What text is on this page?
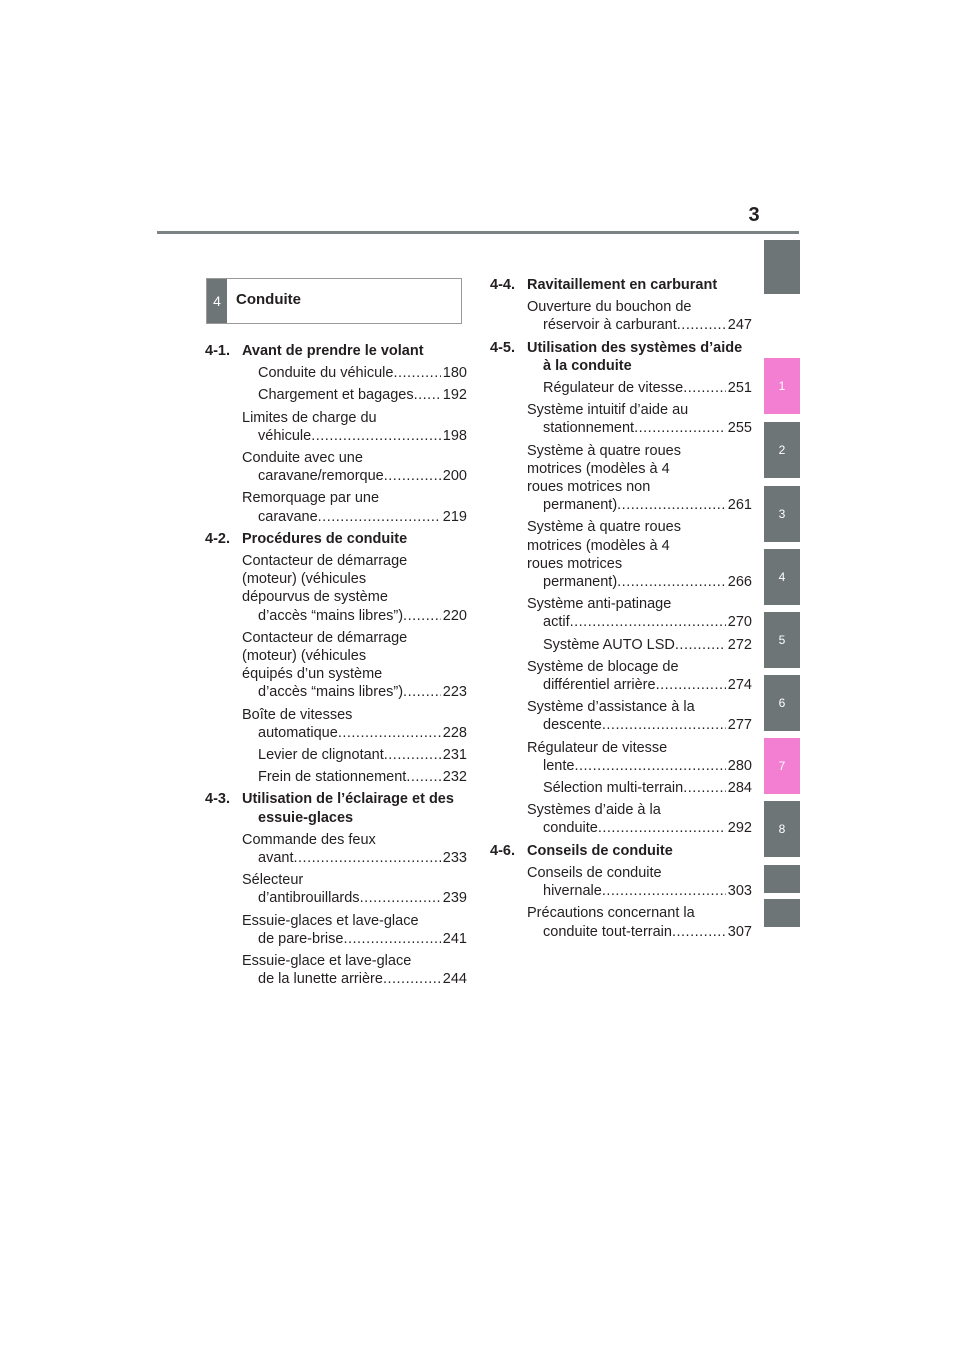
3
1
2
3
4
5
6
7
8
4	Conduite
4-1. Avant de prendre le volant
Conduite du véhicule .....	180
Chargement et bagages ..... 192
Limites de charge du
véhicule .....	198
Conduite avec une
caravane/remorque .....	200
Remorquage par une
caravane .....	219
4-2. Procédures de conduite
Contacteur de démarrage
(moteur) (véhicules
dépourvus de système
d’accès “mains libres”) .....	220
Contacteur de démarrage
(moteur) (véhicules
équipés d’un système
d’accès “mains libres”) .....	223
Boîte de vitesses
automatique .....	228
Levier de clignotant .....	231
Frein de stationnement .....	232
4-3. Utilisation de l’éclairage et des essuie-glaces
Commande des feux
avant .....	233
Sélecteur
d’antibrouillards .....	239
Essuie-glaces et lave-glace
de pare-brise .....	241
Essuie-glace et lave-glace
de la lunette arrière .....	244
4-4. Ravitaillement en carburant
Ouverture du bouchon de
réservoir à carburant .....	247
4-5. Utilisation des systèmes d’aide à la conduite
Régulateur de vitesse .....	251
Système intuitif d’aide au
stationnement .....	255
Système à quatre roues
motrices (modèles à 4
roues motrices non
permanent) .....	261
Système à quatre roues
motrices (modèles à 4
roues motrices
permanent) .....	266
Système anti-patinage
actif .....	270
Système AUTO LSD .....	272
Système de blocage de
différentiel arrière .....	274
Système d’assistance à la
descente .....	277
Régulateur de vitesse
lente .....	280
Sélection multi-terrain .....	284
Systèmes d’aide à la
conduite .....	292
4-6. Conseils de conduite
Conseils de conduite
hivernale .....	303
Précautions concernant la
conduite tout-terrain .....	307
